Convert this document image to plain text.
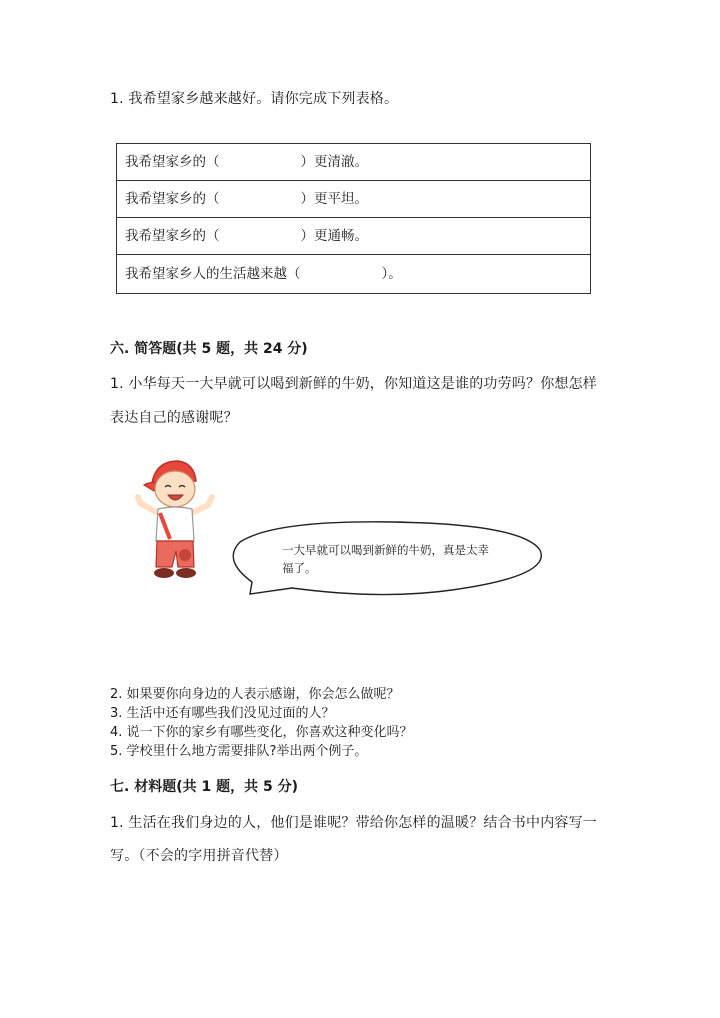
1. 我希望家乡越来越好。请你完成下列表格。
我希望家乡的（　　　　　　）更清澈。
我希望家乡的（　　　　　　）更平坦。
我希望家乡的（　　　　　　）更通畅。
我希望家乡人的生活越来越（　　　　　　）。
六. 简答题(共 5 题，共 24 分)
1. 小华每天一大早就可以喝到新鲜的牛奶，你知道这是谁的功劳吗？你想怎样
表达自己的感谢呢？
一大早就可以喝到新鲜的牛奶，真是太幸
福了。
2. 如果要你向身边的人表示感谢，你会怎么做呢？
3. 生活中还有哪些我们没见过面的人？
4. 说一下你的家乡有哪些变化，你喜欢这种变化吗？
5. 学校里什么地方需要排队?举出两个例子。
七. 材料题(共 1 题，共 5 分)
1. 生活在我们身边的人，他们是谁呢？带给你怎样的温暖？结合书中内容写一
写。（不会的字用拼音代替）
